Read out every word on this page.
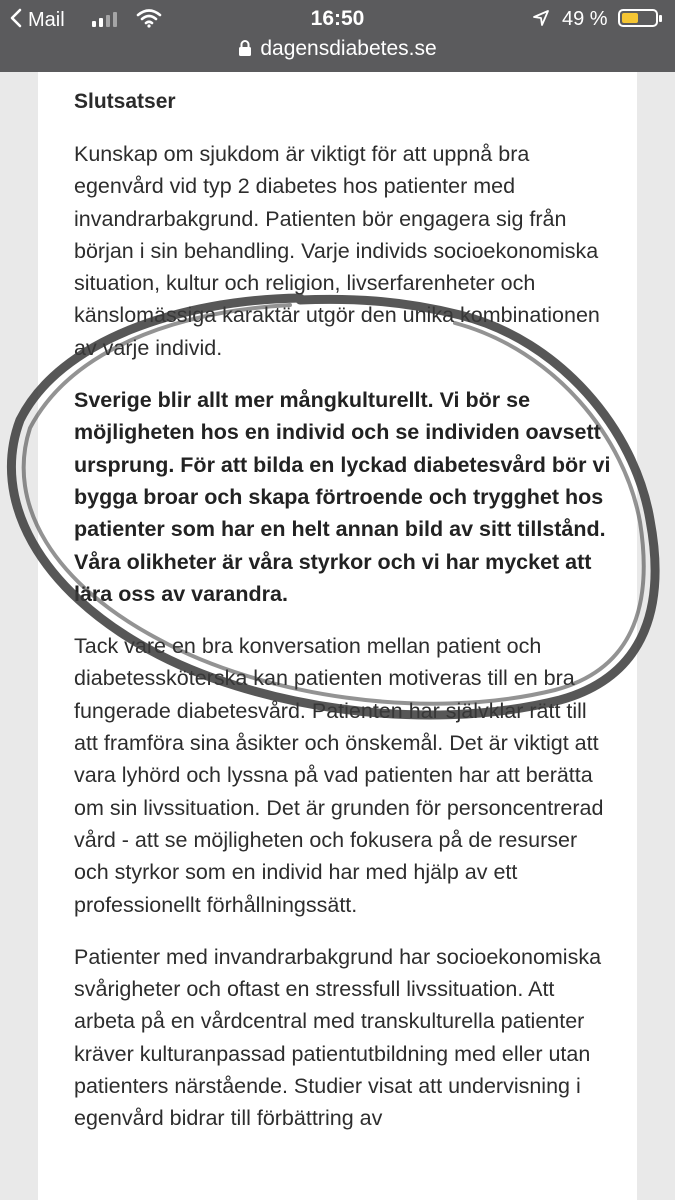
Mail	16:50	49 %
dagensdiabetes.se
Slutsatser

Kunskap om sjukdom är viktigt för att uppnå bra egenvård vid typ 2 diabetes hos patienter med invandrarbakgrund. Patienten bör engagera sig från början i sin behandling. Varje individs socioekonomiska situation, kultur och religion, livserfarenheter och känslomässiga karaktär utgör den unika kombinationen av varje individ.

Sverige blir allt mer mångkulturellt. Vi bör se möjligheten hos en individ och se individen oavsett ursprung. För att bilda en lyckad diabetesvård bör vi bygga broar och skapa förtroende och trygghet hos patienter som har en helt annan bild av sitt tillstånd. Våra olikheter är våra styrkor och vi har mycket att lära oss av varandra.

Tack vare en bra konversation mellan patient och diabetessköterska kan patienten motiveras till en bra fungerade diabetesvård. Patienten har självklar rätt till att framföra sina åsikter och önskemål. Det är viktigt att vara lyhörd och lyssna på vad patienten har att berätta om sin livssituation. Det är grunden för personcentrerad vård - att se möjligheten och fokusera på de resurser och styrkor som en individ har med hjälp av ett professionellt förhållningssätt.

Patienter med invandrarbakgrund har socioekonomiska svårigheter och oftast en stressfull livssituation. Att arbeta på en vårdcentral med transkulturella patienter kräver kulturanpassad patientutbildning med eller utan patienters närstående. Studier visat att undervisning i egenvård bidrar till förbättring av
